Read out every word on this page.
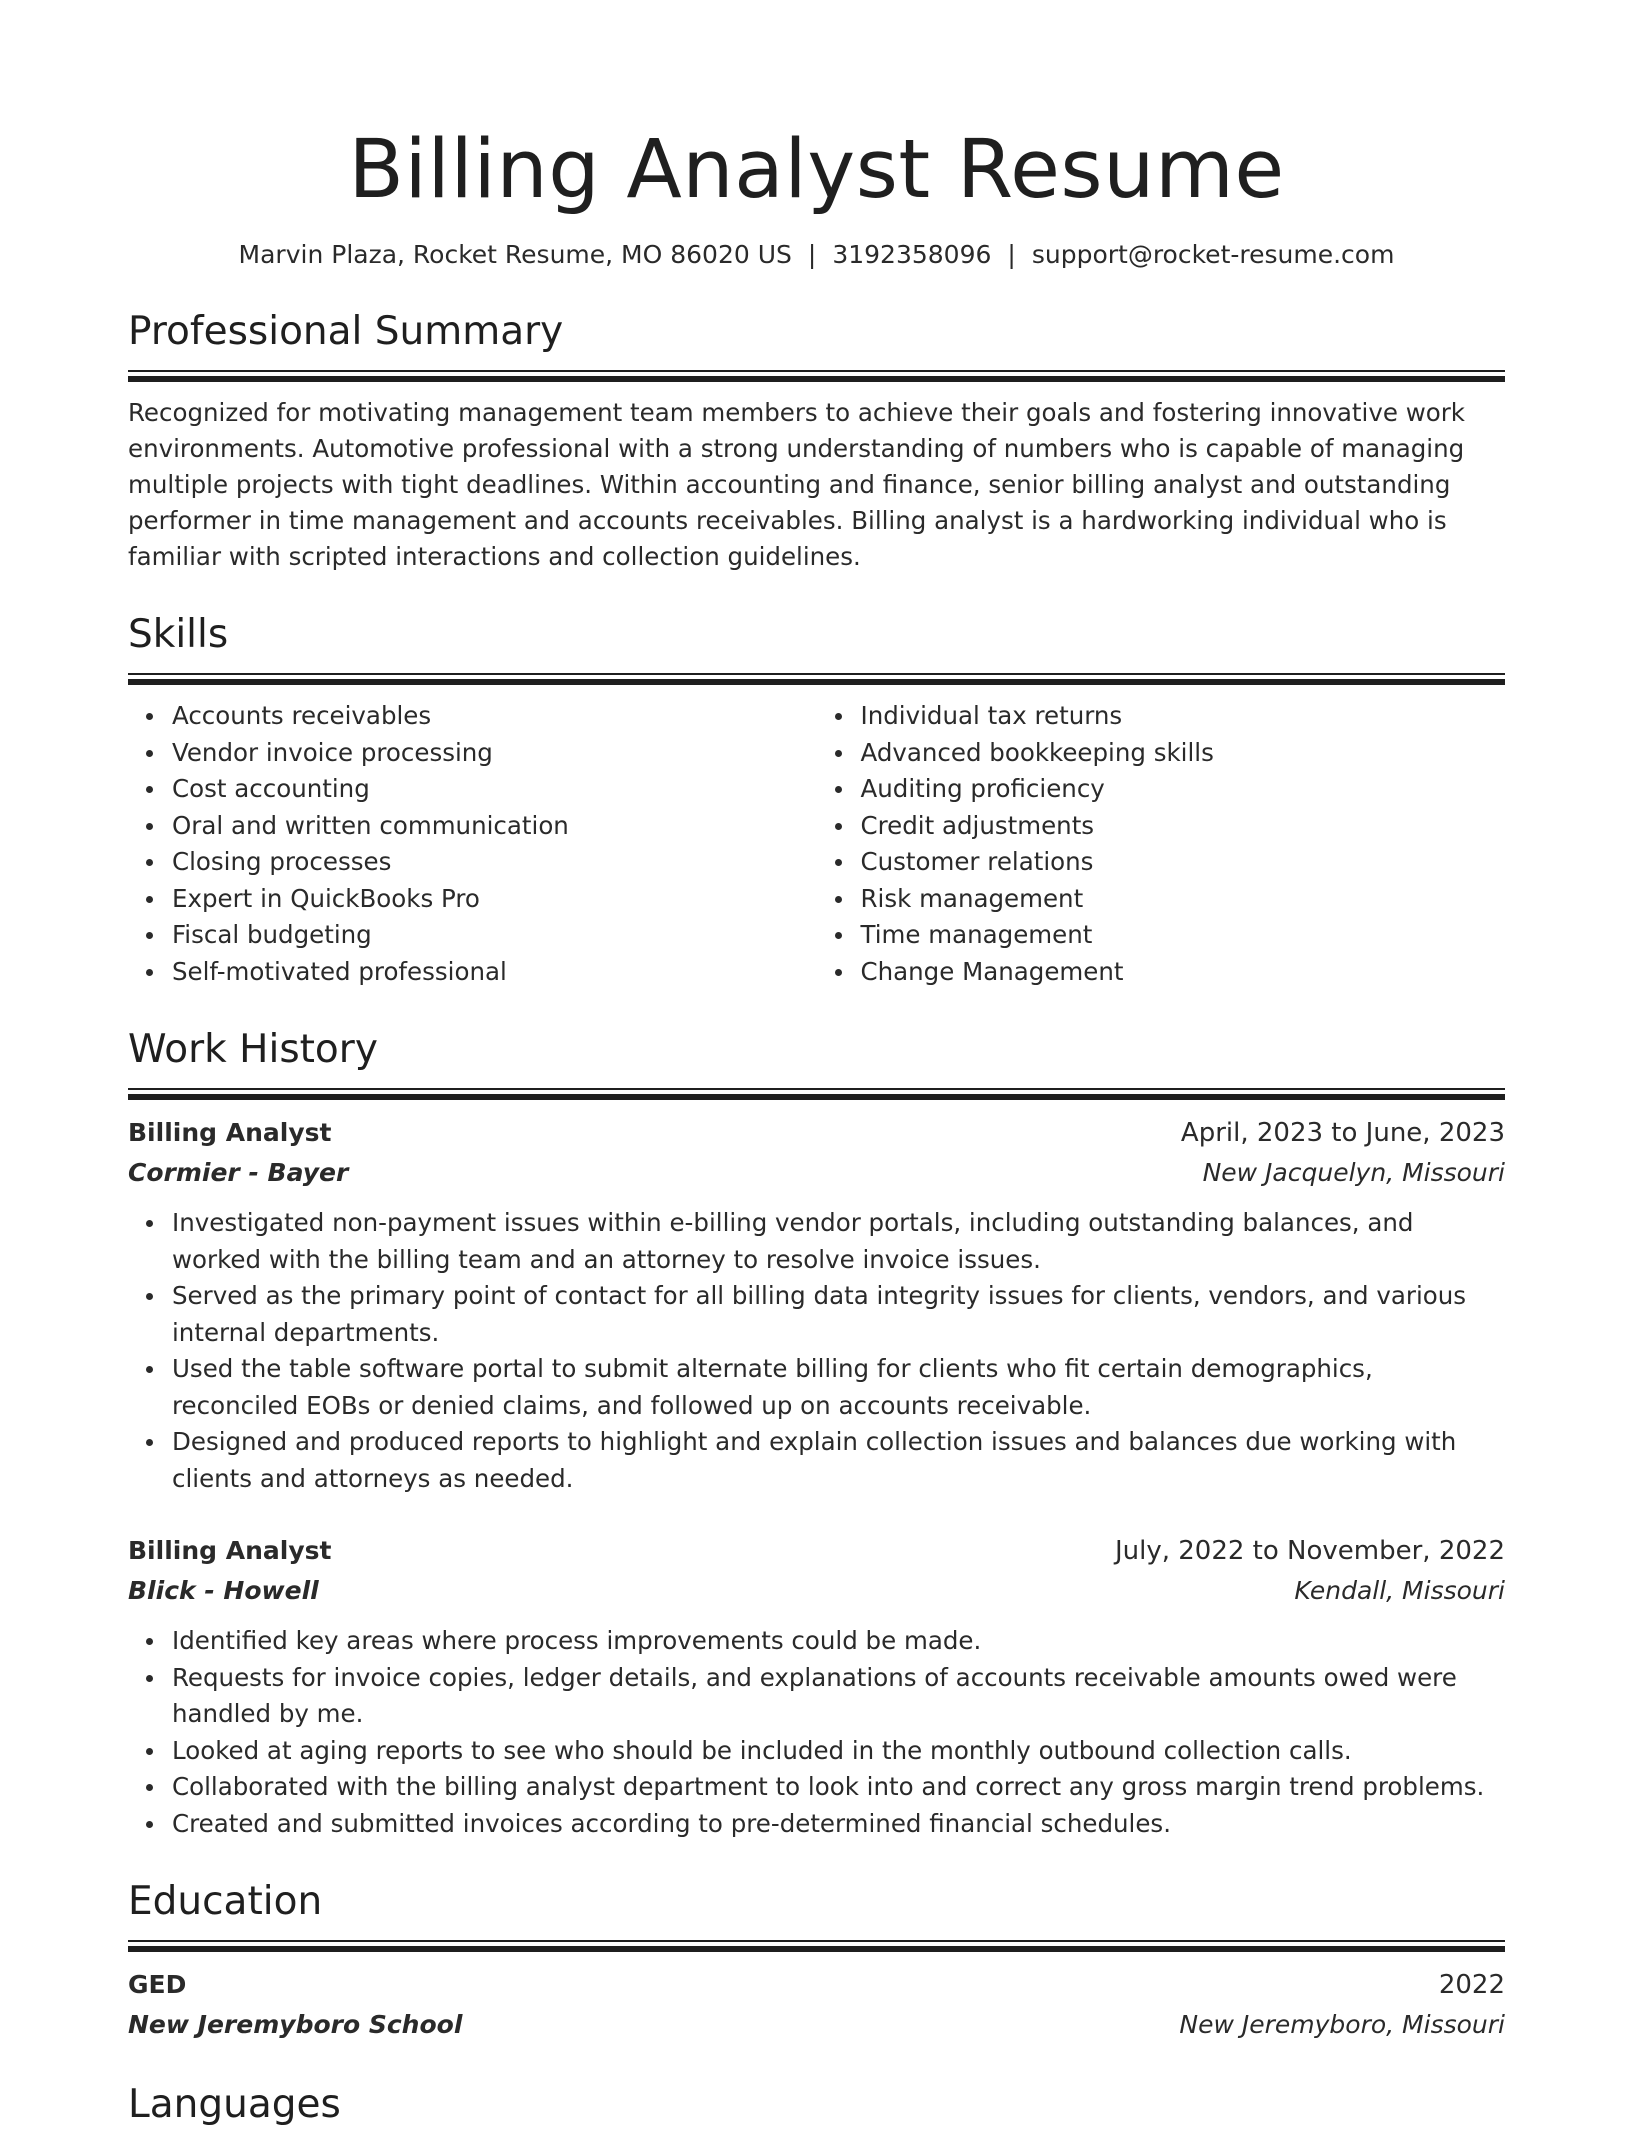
Billing Analyst Resume
Marvin Plaza, Rocket Resume, MO 86020 US | 3192358096 | support@rocket-resume.com
Professional Summary
Recognized for motivating management team members to achieve their goals and fostering innovative work environments. Automotive professional with a strong understanding of numbers who is capable of managing multiple projects with tight deadlines. Within accounting and finance, senior billing analyst and outstanding performer in time management and accounts receivables. Billing analyst is a hardworking individual who is familiar with scripted interactions and collection guidelines.
Skills
Accounts receivables
Vendor invoice processing
Cost accounting
Oral and written communication
Closing processes
Expert in QuickBooks Pro
Fiscal budgeting
Self-motivated professional
Individual tax returns
Advanced bookkeeping skills
Auditing proficiency
Credit adjustments
Customer relations
Risk management
Time management
Change Management
Work History
Billing Analyst	April, 2023 to June, 2023
Cormier - Bayer	New Jacquelyn, Missouri
Investigated non-payment issues within e-billing vendor portals, including outstanding balances, and worked with the billing team and an attorney to resolve invoice issues.
Served as the primary point of contact for all billing data integrity issues for clients, vendors, and various internal departments.
Used the table software portal to submit alternate billing for clients who fit certain demographics, reconciled EOBs or denied claims, and followed up on accounts receivable.
Designed and produced reports to highlight and explain collection issues and balances due working with clients and attorneys as needed.
Billing Analyst	July, 2022 to November, 2022
Blick - Howell	Kendall, Missouri
Identified key areas where process improvements could be made.
Requests for invoice copies, ledger details, and explanations of accounts receivable amounts owed were handled by me.
Looked at aging reports to see who should be included in the monthly outbound collection calls.
Collaborated with the billing analyst department to look into and correct any gross margin trend problems.
Created and submitted invoices according to pre-determined financial schedules.
Education
GED	2022
New Jeremyboro School	New Jeremyboro, Missouri
Languages
